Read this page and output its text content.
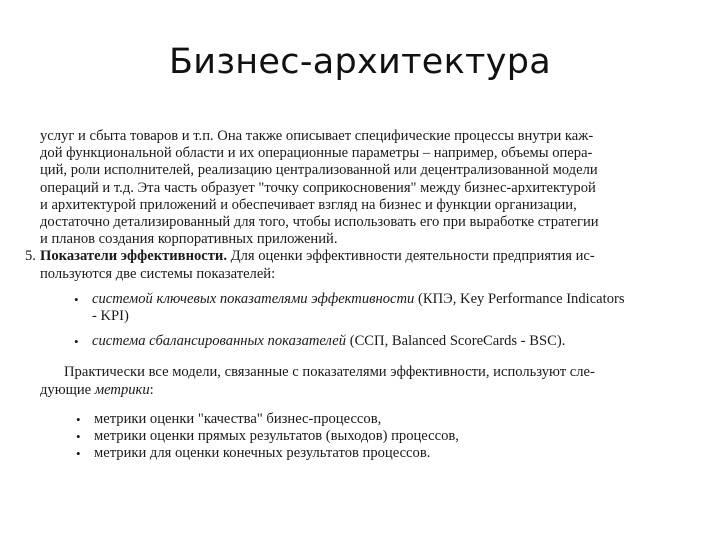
Бизнес-архитектура
услуг и сбыта товаров и т.п. Она также описывает специфические процессы внутри каж-
дой функциональной области и их операционные параметры – например, объемы опера-
ций, роли исполнителей, реализацию централизованной или децентрализованной модели
операций и т.д. Эта часть образует "точку соприкосновения" между бизнес-архитектурой
и архитектурой приложений и обеспечивает взгляд на бизнес и функции организации,
достаточно детализированный для того, чтобы использовать его при выработке стратегии
и планов создания корпоративных приложений.
5. Показатели эффективности. Для оценки эффективности деятельности предприятия ис-
пользуются две системы показателей:
• системой ключевых показателями эффективности (КПЭ, Key Performance Indicators
- KPI)
• система сбалансированных показателей (ССП, Balanced ScoreCards - BSC).
Практически все модели, связанные с показателями эффективности, используют сле-
дующие метрики:
• метрики оценки "качества" бизнес-процессов,
• метрики оценки прямых результатов (выходов) процессов,
• метрики для оценки конечных результатов процессов.
